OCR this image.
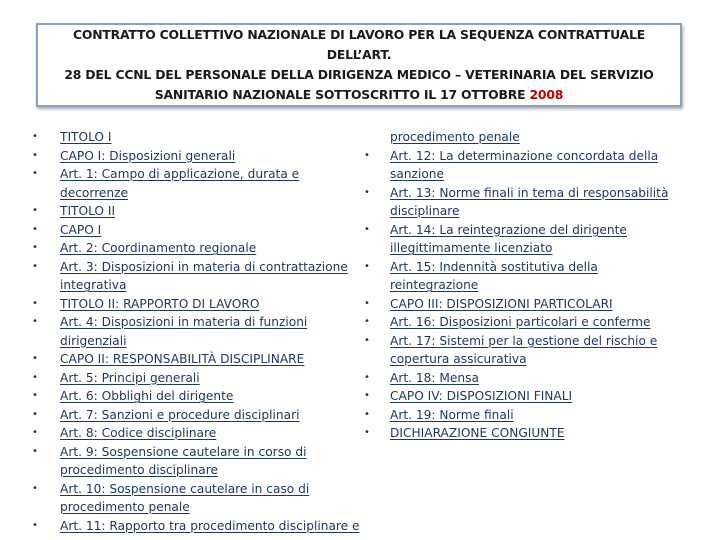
CONTRATTO COLLETTIVO NAZIONALE DI LAVORO PER LA SEQUENZA CONTRATTUALE DELL’ART.
28 DEL CCNL DEL PERSONALE DELLA DIRIGENZA MEDICO – VETERINARIA DEL SERVIZIO
SANITARIO NAZIONALE SOTTOSCRITTO IL 17 OTTOBRE 2008
• TITOLO I
• CAPO I: Disposizioni generali
• Art. 1: Campo di applicazione, durata e decorrenze
• TITOLO II
• CAPO I
• Art. 2: Coordinamento regionale
• Art. 3: Disposizioni in materia di contrattazione integrativa
• TITOLO II: RAPPORTO DI LAVORO
• Art. 4: Disposizioni in materia di funzioni dirigenziali
• CAPO II: RESPONSABILITÀ DISCIPLINARE
• Art. 5: Principi generali
• Art. 6: Obblighi del dirigente
• Art. 7: Sanzioni e procedure disciplinari
• Art. 8: Codice disciplinare
• Art. 9: Sospensione cautelare in corso di procedimento disciplinare
• Art. 10: Sospensione cautelare in caso di procedimento penale
• Art. 11: Rapporto tra procedimento disciplinare e
procedimento penale
• Art. 12: La determinazione concordata della sanzione
• Art. 13: Norme finali in tema di responsabilità disciplinare
• Art. 14: La reintegrazione del dirigente illegittimamente licenziato
• Art. 15: Indennità sostitutiva della reintegrazione
• CAPO III: DISPOSIZIONI PARTICOLARI
• Art. 16: Disposizioni particolari e conferme
• Art. 17: Sistemi per la gestione del rischio e copertura assicurativa
• Art. 18: Mensa
• CAPO IV: DISPOSIZIONI FINALI
• Art. 19: Norme finali
• DICHIARAZIONE CONGIUNTE
